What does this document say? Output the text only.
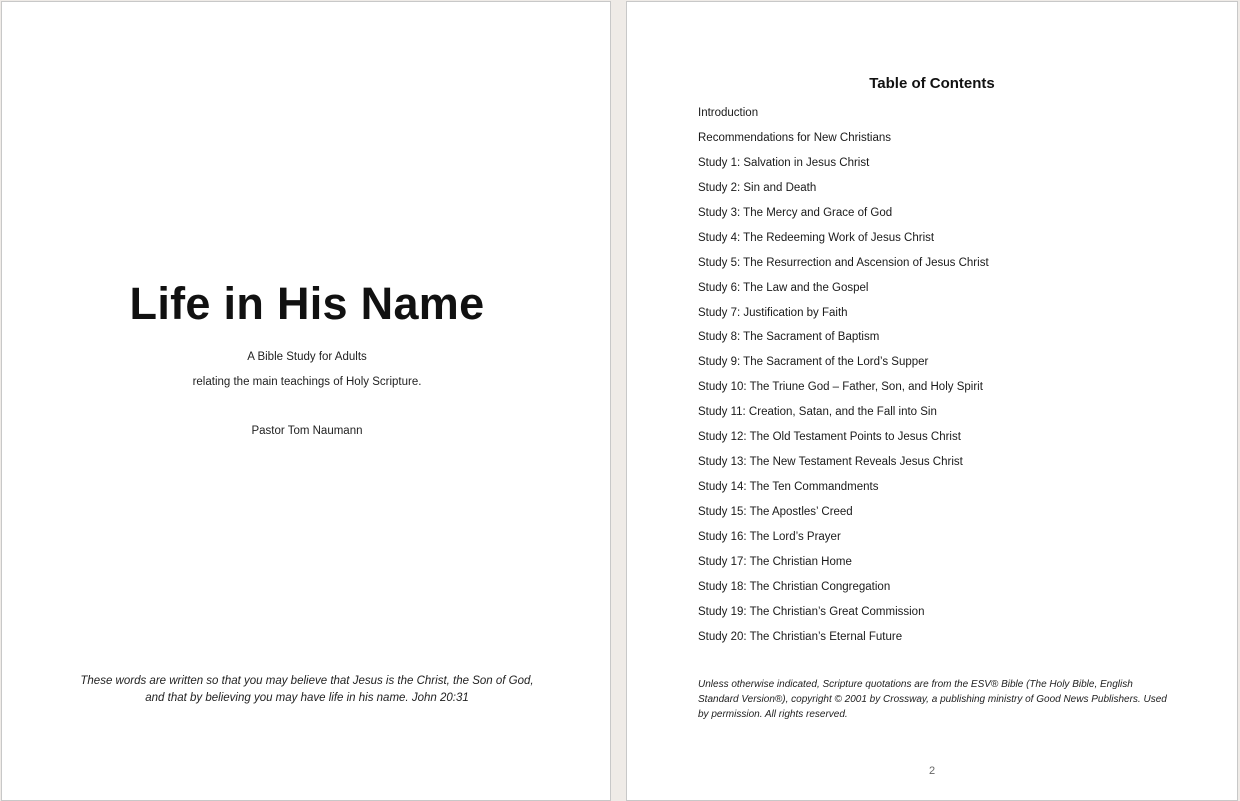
Life in His Name
A Bible Study for Adults
relating the main teachings of Holy Scripture.
Pastor Tom Naumann
These words are written so that you may believe that Jesus is the Christ, the Son of God,
and that by believing you may have life in his name. John 20:31
Table of Contents
Introduction
Recommendations for New Christians
Study 1: Salvation in Jesus Christ
Study 2: Sin and Death
Study 3: The Mercy and Grace of God
Study 4: The Redeeming Work of Jesus Christ
Study 5: The Resurrection and Ascension of Jesus Christ
Study 6: The Law and the Gospel
Study 7: Justification by Faith
Study 8: The Sacrament of Baptism
Study 9: The Sacrament of the Lord’s Supper
Study 10: The Triune God – Father, Son, and Holy Spirit
Study 11: Creation, Satan, and the Fall into Sin
Study 12: The Old Testament Points to Jesus Christ
Study 13: The New Testament Reveals Jesus Christ
Study 14: The Ten Commandments
Study 15: The Apostles’ Creed
Study 16: The Lord’s Prayer
Study 17: The Christian Home
Study 18: The Christian Congregation
Study 19: The Christian’s Great Commission
Study 20: The Christian’s Eternal Future
Unless otherwise indicated, Scripture quotations are from the ESV® Bible (The Holy Bible, English Standard Version®), copyright © 2001 by Crossway, a publishing ministry of Good News Publishers. Used by permission. All rights reserved.
2
